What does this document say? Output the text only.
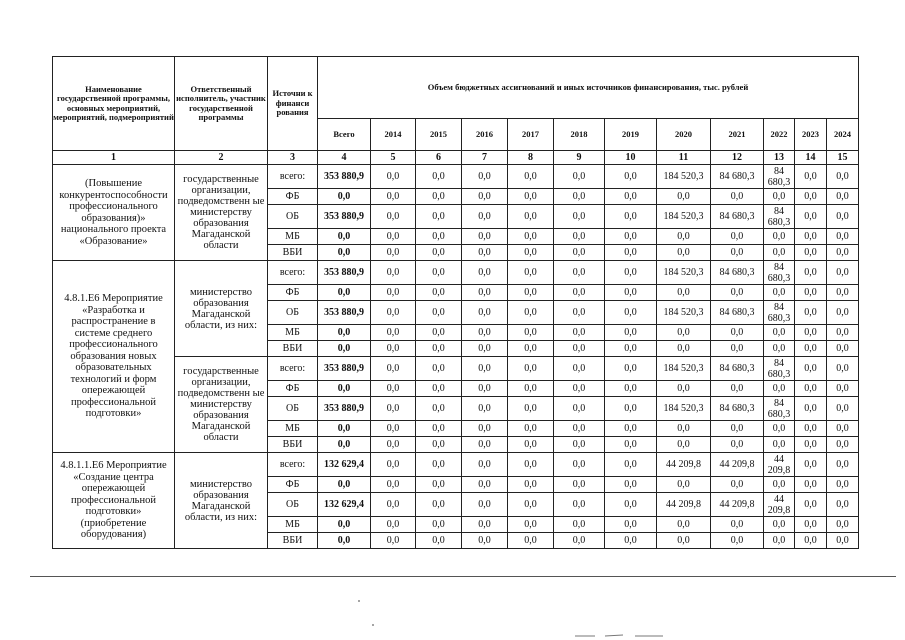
Наименование государственной программы, основных мероприятий, мероприятий, подмероприятий	Ответственный исполнитель, участник государственной программы	Источни к финанси рования	Объем бюджетных ассигнований и иных источников финансирования, тыс. рублей											
			Всего	2014	2015	2016	2017	2018	2019	2020	2021	2022	2023	2024
1	2	3	4	5	6	7	8	9	10	11	12	13	14	15
(Повышение конкурентоспособности профессионального образования)» национального проекта «Образование»	государственные организации, подведомственн ые министерству образования Магаданской области	всего:	353 880,9	0,0	0,0	0,0	0,0	0,0	0,0	184 520,3	84 680,3	84 680,3	0,0	0,0
		ФБ	0,0	0,0	0,0	0,0	0,0	0,0	0,0	0,0	0,0	0,0	0,0	0,0
		ОБ	353 880,9	0,0	0,0	0,0	0,0	0,0	0,0	184 520,3	84 680,3	84 680,3	0,0	0,0
		МБ	0,0	0,0	0,0	0,0	0,0	0,0	0,0	0,0	0,0	0,0	0,0	0,0
		ВБИ	0,0	0,0	0,0	0,0	0,0	0,0	0,0	0,0	0,0	0,0	0,0	0,0
4.8.1.Е6 Мероприятие «Разработка и распространение в системе среднего профессионального образования новых образовательных технологий и форм опережающей профессиональной подготовки»	министерство образования Магаданской области, из них:	всего:	353 880,9	0,0	0,0	0,0	0,0	0,0	0,0	184 520,3	84 680,3	84 680,3	0,0	0,0
		ФБ	0,0	0,0	0,0	0,0	0,0	0,0	0,0	0,0	0,0	0,0	0,0	0,0
		ОБ	353 880,9	0,0	0,0	0,0	0,0	0,0	0,0	184 520,3	84 680,3	84 680,3	0,0	0,0
		МБ	0,0	0,0	0,0	0,0	0,0	0,0	0,0	0,0	0,0	0,0	0,0	0,0
		ВБИ	0,0	0,0	0,0	0,0	0,0	0,0	0,0	0,0	0,0	0,0	0,0	0,0
	государственные организации, подведомственн ые министерству образования Магаданской области	всего:	353 880,9	0,0	0,0	0,0	0,0	0,0	0,0	184 520,3	84 680,3	84 680,3	0,0	0,0
		ФБ	0,0	0,0	0,0	0,0	0,0	0,0	0,0	0,0	0,0	0,0	0,0	0,0
		ОБ	353 880,9	0,0	0,0	0,0	0,0	0,0	0,0	184 520,3	84 680,3	84 680,3	0,0	0,0
		МБ	0,0	0,0	0,0	0,0	0,0	0,0	0,0	0,0	0,0	0,0	0,0	0,0
		ВБИ	0,0	0,0	0,0	0,0	0,0	0,0	0,0	0,0	0,0	0,0	0,0	0,0
4.8.1.1.Е6 Мероприятие «Создание центра опережающей профессиональной подготовки» (приобретение оборудования)	министерство образования Магаданской области, из них:	всего:	132 629,4	0,0	0,0	0,0	0,0	0,0	0,0	44 209,8	44 209,8	44 209,8	0,0	0,0
		ФБ	0,0	0,0	0,0	0,0	0,0	0,0	0,0	0,0	0,0	0,0	0,0	0,0
		ОБ	132 629,4	0,0	0,0	0,0	0,0	0,0	0,0	44 209,8	44 209,8	44 209,8	0,0	0,0
		МБ	0,0	0,0	0,0	0,0	0,0	0,0	0,0	0,0	0,0	0,0	0,0	0,0
		ВБИ	0,0	0,0	0,0	0,0	0,0	0,0	0,0	0,0	0,0	0,0	0,0	0,0
